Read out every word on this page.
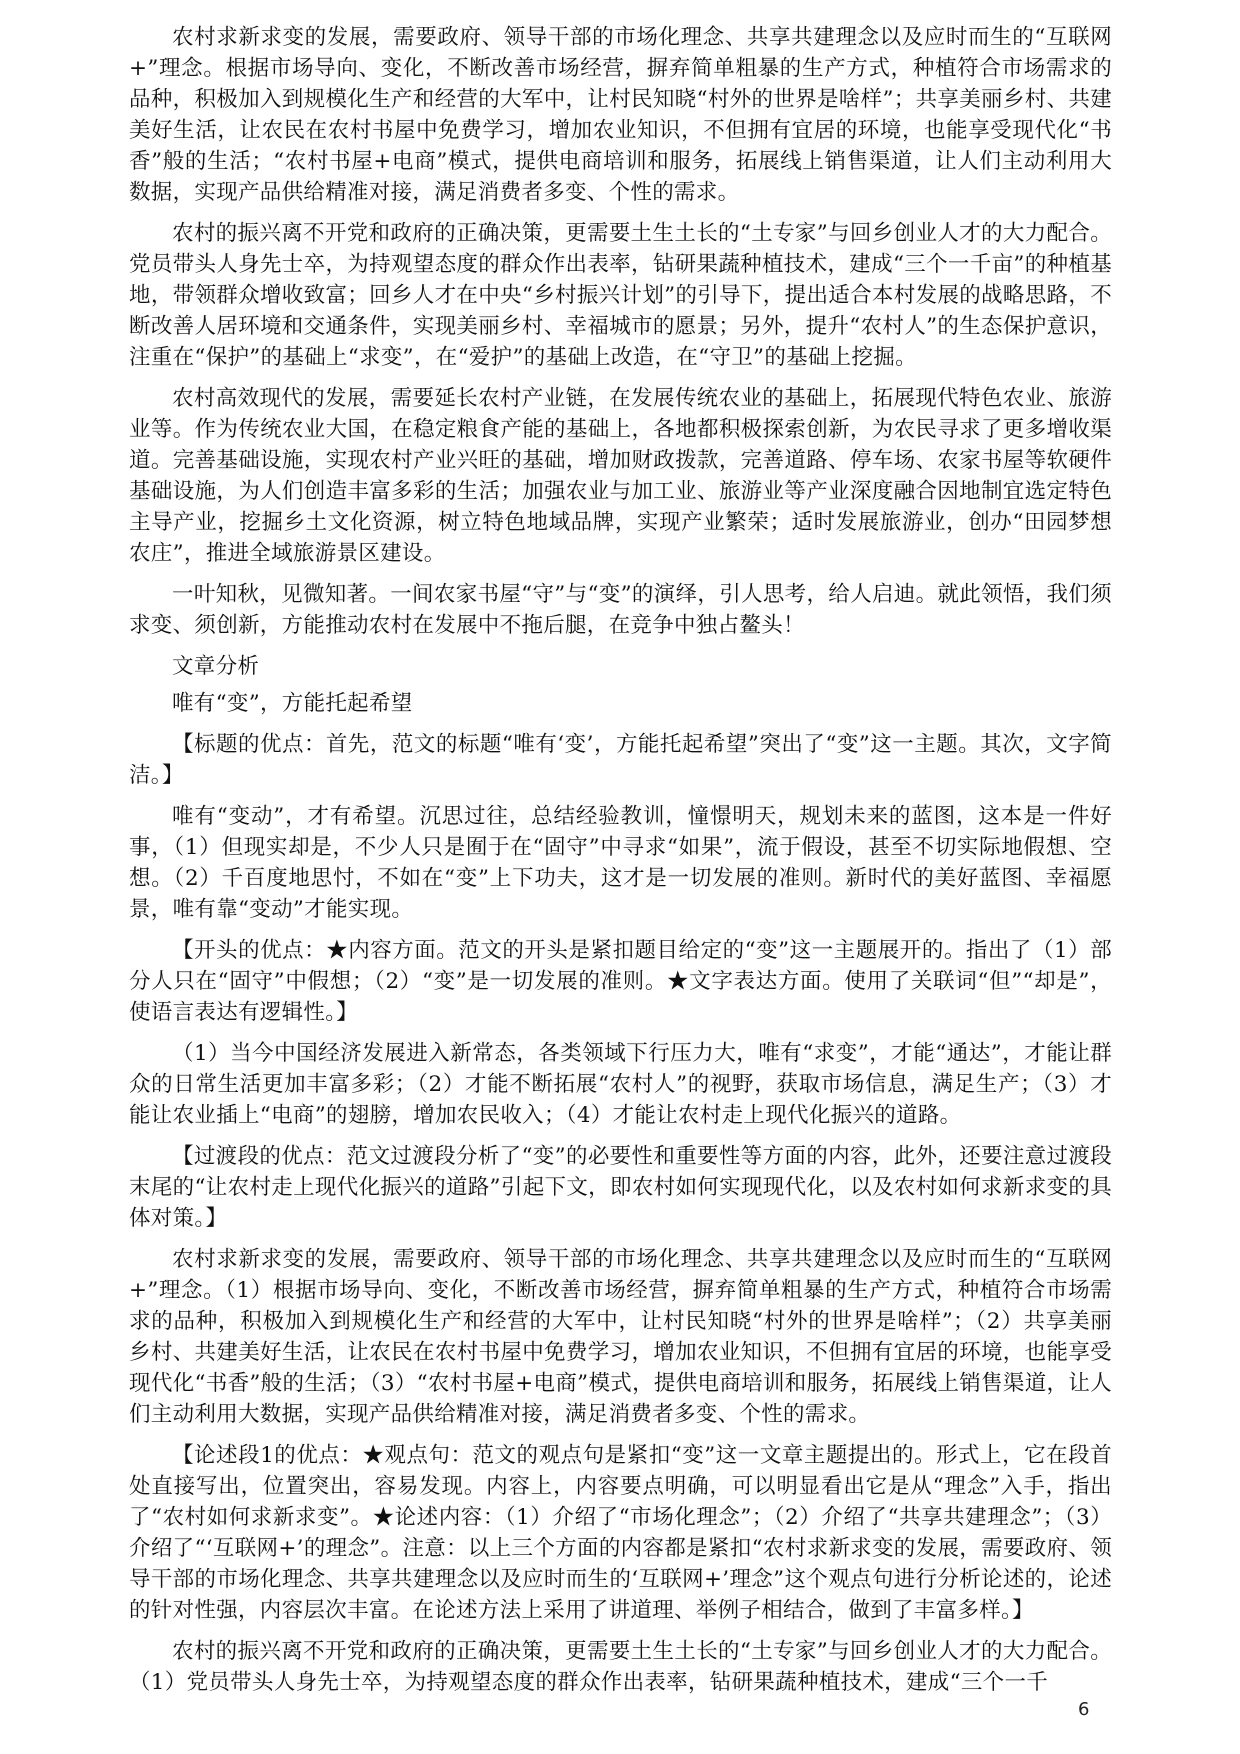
农村求新求变的发展，需要政府、领导干部的市场化理念、共享共建理念以及应时而生的“互联网+”理念。根据市场导向、变化，不断改善市场经营，摒弃简单粗暴的生产方式，种植符合市场需求的品种，积极加入到规模化生产和经营的大军中，让村民知晓“村外的世界是啥样”；共享美丽乡村、共建美好生活，让农民在农村书屋中免费学习，增加农业知识，不但拥有宜居的环境，也能享受现代化“书香”般的生活；“农村书屋+电商”模式，提供电商培训和服务，拓展线上销售渠道，让人们主动利用大数据，实现产品供给精准对接，满足消费者多变、个性的需求。

农村的振兴离不开党和政府的正确决策，更需要土生土长的“土专家”与回乡创业人才的大力配合。党员带头人身先士卒，为持观望态度的群众作出表率，钻研果蔬种植技术，建成“三个一千亩”的种植基地，带领群众增收致富；回乡人才在中央“乡村振兴计划”的引导下，提出适合本村发展的战略思路，不断改善人居环境和交通条件，实现美丽乡村、幸福城市的愿景；另外，提升“农村人”的生态保护意识，注重在“保护”的基础上“求变”，在“爱护”的基础上改造，在“守卫”的基础上挖掘。

农村高效现代的发展，需要延长农村产业链，在发展传统农业的基础上，拓展现代特色农业、旅游业等。作为传统农业大国，在稳定粮食产能的基础上，各地都积极探索创新，为农民寻求了更多增收渠道。完善基础设施，实现农村产业兴旺的基础，增加财政拨款，完善道路、停车场、农家书屋等软硬件基础设施，为人们创造丰富多彩的生活；加强农业与加工业、旅游业等产业深度融合因地制宜选定特色主导产业，挖掘乡土文化资源，树立特色地域品牌，实现产业繁荣；适时发展旅游业，创办“田园梦想农庄”，推进全域旅游景区建设。

一叶知秋，见微知著。一间农家书屋“守”与“变”的演绎，引人思考，给人启迪。就此领悟，我们须求变、须创新，方能推动农村在发展中不拖后腿，在竞争中独占鳌头！

文章分析

唯有“变”，方能托起希望

【标题的优点：首先，范文的标题“唯有‘变’，方能托起希望”突出了“变”这一主题。其次，文字简洁。】

唯有“变动”，才有希望。沉思过往，总结经验教训，憧憬明天，规划未来的蓝图，这本是一件好事，（1）但现实却是，不少人只是囿于在“固守”中寻求“如果”，流于假设，甚至不切实际地假想、空想。（2）千百度地思忖，不如在“变”上下功夫，这才是一切发展的准则。新时代的美好蓝图、幸福愿景，唯有靠“变动”才能实现。

【开头的优点：★内容方面。范文的开头是紧扣题目给定的“变”这一主题展开的。指出了（1）部分人只在“固守”中假想；（2）“变”是一切发展的准则。★文字表达方面。使用了关联词“但”“却是”，使语言表达有逻辑性。】

（1）当今中国经济发展进入新常态，各类领域下行压力大，唯有“求变”，才能“通达”，才能让群众的日常生活更加丰富多彩；（2）才能不断拓展“农村人”的视野，获取市场信息，满足生产；（3）才能让农业插上“电商”的翅膀，增加农民收入；（4）才能让农村走上现代化振兴的道路。

【过渡段的优点：范文过渡段分析了“变”的必要性和重要性等方面的内容，此外，还要注意过渡段末尾的“让农村走上现代化振兴的道路”引起下文，即农村如何实现现代化，以及农村如何求新求变的具体对策。】

农村求新求变的发展，需要政府、领导干部的市场化理念、共享共建理念以及应时而生的“互联网+”理念。（1）根据市场导向、变化，不断改善市场经营，摒弃简单粗暴的生产方式，种植符合市场需求的品种，积极加入到规模化生产和经营的大军中，让村民知晓“村外的世界是啥样”；（2）共享美丽乡村、共建美好生活，让农民在农村书屋中免费学习，增加农业知识，不但拥有宜居的环境，也能享受现代化“书香”般的生活；（3）“农村书屋+电商”模式，提供电商培训和服务，拓展线上销售渠道，让人们主动利用大数据，实现产品供给精准对接，满足消费者多变、个性的需求。

【论述段1的优点：★观点句：范文的观点句是紧扣“变”这一文章主题提出的。形式上，它在段首处直接写出，位置突出，容易发现。内容上，内容要点明确，可以明显看出它是从“理念”入手，指出了“农村如何求新求变”。★论述内容：（1）介绍了“市场化理念”；（2）介绍了“共享共建理念”；（3）介绍了“‘互联网+’的理念”。注意：以上三个方面的内容都是紧扣“农村求新求变的发展，需要政府、领导干部的市场化理念、共享共建理念以及应时而生的‘互联网+’理念”这个观点句进行分析论述的，论述的针对性强，内容层次丰富。在论述方法上采用了讲道理、举例子相结合，做到了丰富多样。】

农村的振兴离不开党和政府的正确决策，更需要土生土长的“土专家”与回乡创业人才的大力配合。（1）党员带头人身先士卒，为持观望态度的群众作出表率，钻研果蔬种植技术，建成“三个一千

6
